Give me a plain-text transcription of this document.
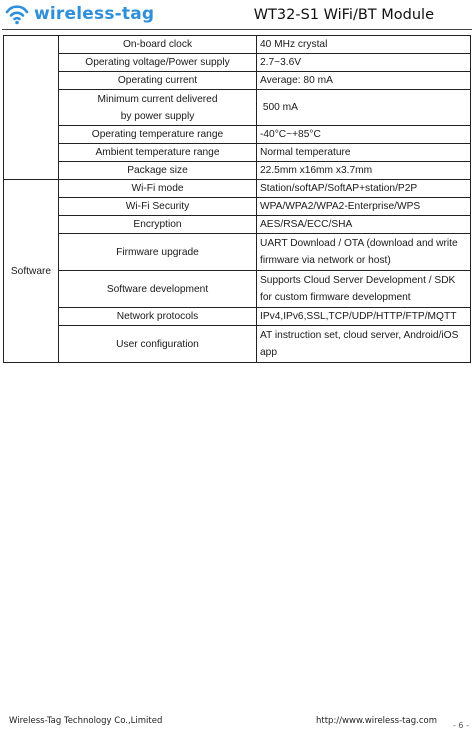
wireless-tag	WT32-S1 WiFi/BT Module
	On-board clock	40 MHz crystal
	Operating voltage/Power supply	2.7~3.6V
	Operating current	Average: 80 mA
	Minimum current delivered by power supply	500 mA
	Operating temperature range	-40°C~+85°C
	Ambient temperature range	Normal temperature
	Package size	22.5mm x16mm x3.7mm
Software	Wi-Fi mode	Station/softAP/SoftAP+station/P2P
	Wi-Fi Security	WPA/WPA2/WPA2-Enterprise/WPS
	Encryption	AES/RSA/ECC/SHA
	Firmware upgrade	UART Download / OTA (download and write firmware via network or host)
	Software development	Supports Cloud Server Development / SDK for custom firmware development
	Network protocols	IPv4,IPv6,SSL,TCP/UDP/HTTP/FTP/MQTT
	User configuration	AT instruction set, cloud server, Android/iOS app
Wireless-Tag Technology Co.,Limited	http://www.wireless-tag.com - 6 -
